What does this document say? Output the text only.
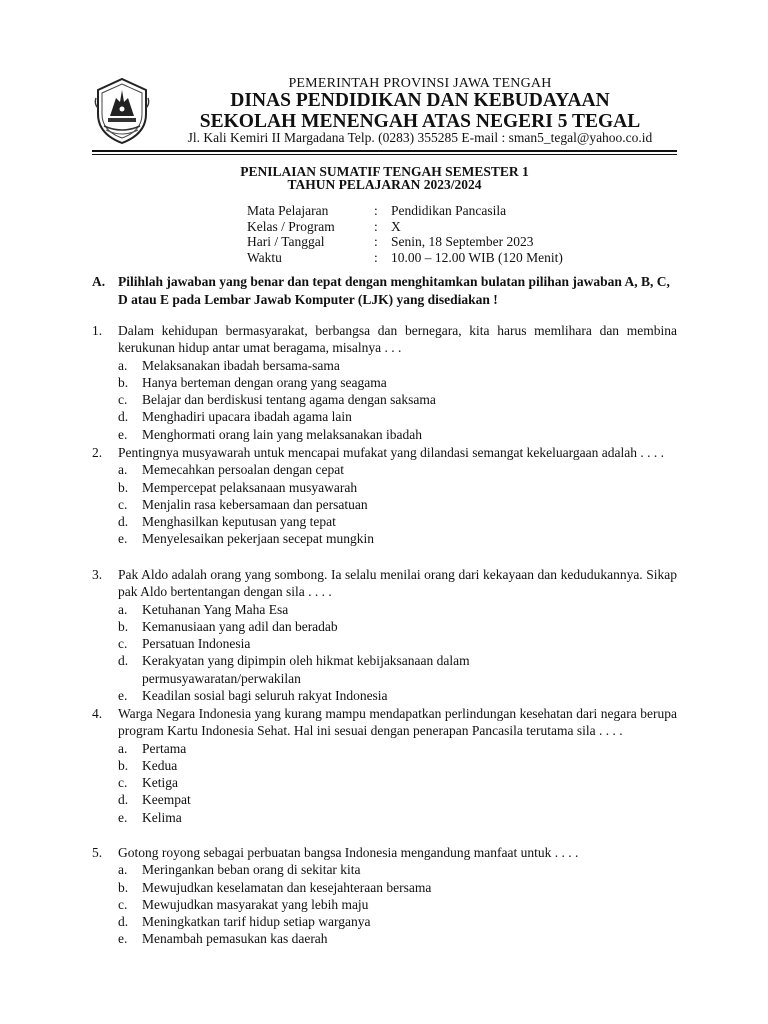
PEMERINTAH PROVINSI JAWA TENGAH
DINAS PENDIDIKAN DAN KEBUDAYAAN
SEKOLAH MENENGAH ATAS NEGERI 5 TEGAL
Jl. Kali Kemiri II Margadana Telp. (0283) 355285 E-mail : sman5_tegal@yahoo.co.id
PENILAIAN SUMATIF TENGAH SEMESTER 1
TAHUN PELAJARAN 2023/2024
Mata Pelajaran	: Pendidikan Pancasila
Kelas / Program	: X
Hari / Tanggal	: Senin, 18 September 2023
Waktu	: 10.00 – 12.00 WIB (120 Menit)
A. Pilihlah jawaban yang benar dan tepat dengan menghitamkan bulatan pilihan jawaban A, B, C, D atau E pada Lembar Jawab Komputer (LJK) yang disediakan !
1. Dalam kehidupan bermasyarakat, berbangsa dan bernegara, kita harus memlihara dan membina kerukunan hidup antar umat beragama, misalnya . . .
a.	Melaksanakan ibadah bersama-sama
b.	Hanya berteman dengan orang yang seagama
c.	Belajar dan berdiskusi tentang agama dengan saksama
d.	Menghadiri upacara ibadah agama lain
e.	Menghormati orang lain yang melaksanakan ibadah
2. Pentingnya musyawarah untuk mencapai mufakat yang dilandasi semangat kekeluargaan adalah . . . .
a.	Memecahkan persoalan dengan cepat
b.	Mempercepat pelaksanaan musyawarah
c.	Menjalin rasa kebersamaan dan persatuan
d.	Menghasilkan keputusan yang tepat
e.	Menyelesaikan pekerjaan secepat mungkin
3. Pak Aldo adalah orang yang sombong. Ia selalu menilai orang dari kekayaan dan kedudukannya. Sikap pak Aldo bertentangan dengan sila . . . .
a.	Ketuhanan Yang Maha Esa
b.	Kemanusiaan yang adil dan beradab
c.	Persatuan Indonesia
d.	Kerakyatan yang dipimpin oleh hikmat kebijaksanaan dalam permusyawaratan/perwakilan
e.	Keadilan sosial bagi seluruh rakyat Indonesia
4. Warga Negara Indonesia yang kurang mampu mendapatkan perlindungan kesehatan dari negara berupa program Kartu Indonesia Sehat. Hal ini sesuai dengan penerapan Pancasila terutama sila . . . .
a.	Pertama
b.	Kedua
c.	Ketiga
d.	Keempat
e.	Kelima
5. Gotong royong sebagai perbuatan bangsa Indonesia mengandung manfaat untuk . . . .
a.	Meringankan beban orang di sekitar kita
b.	Mewujudkan keselamatan dan kesejahteraan bersama
c.	Mewujudkan masyarakat yang lebih maju
d.	Meningkatkan tarif hidup setiap warganya
e.	Menambah pemasukan kas daerah
